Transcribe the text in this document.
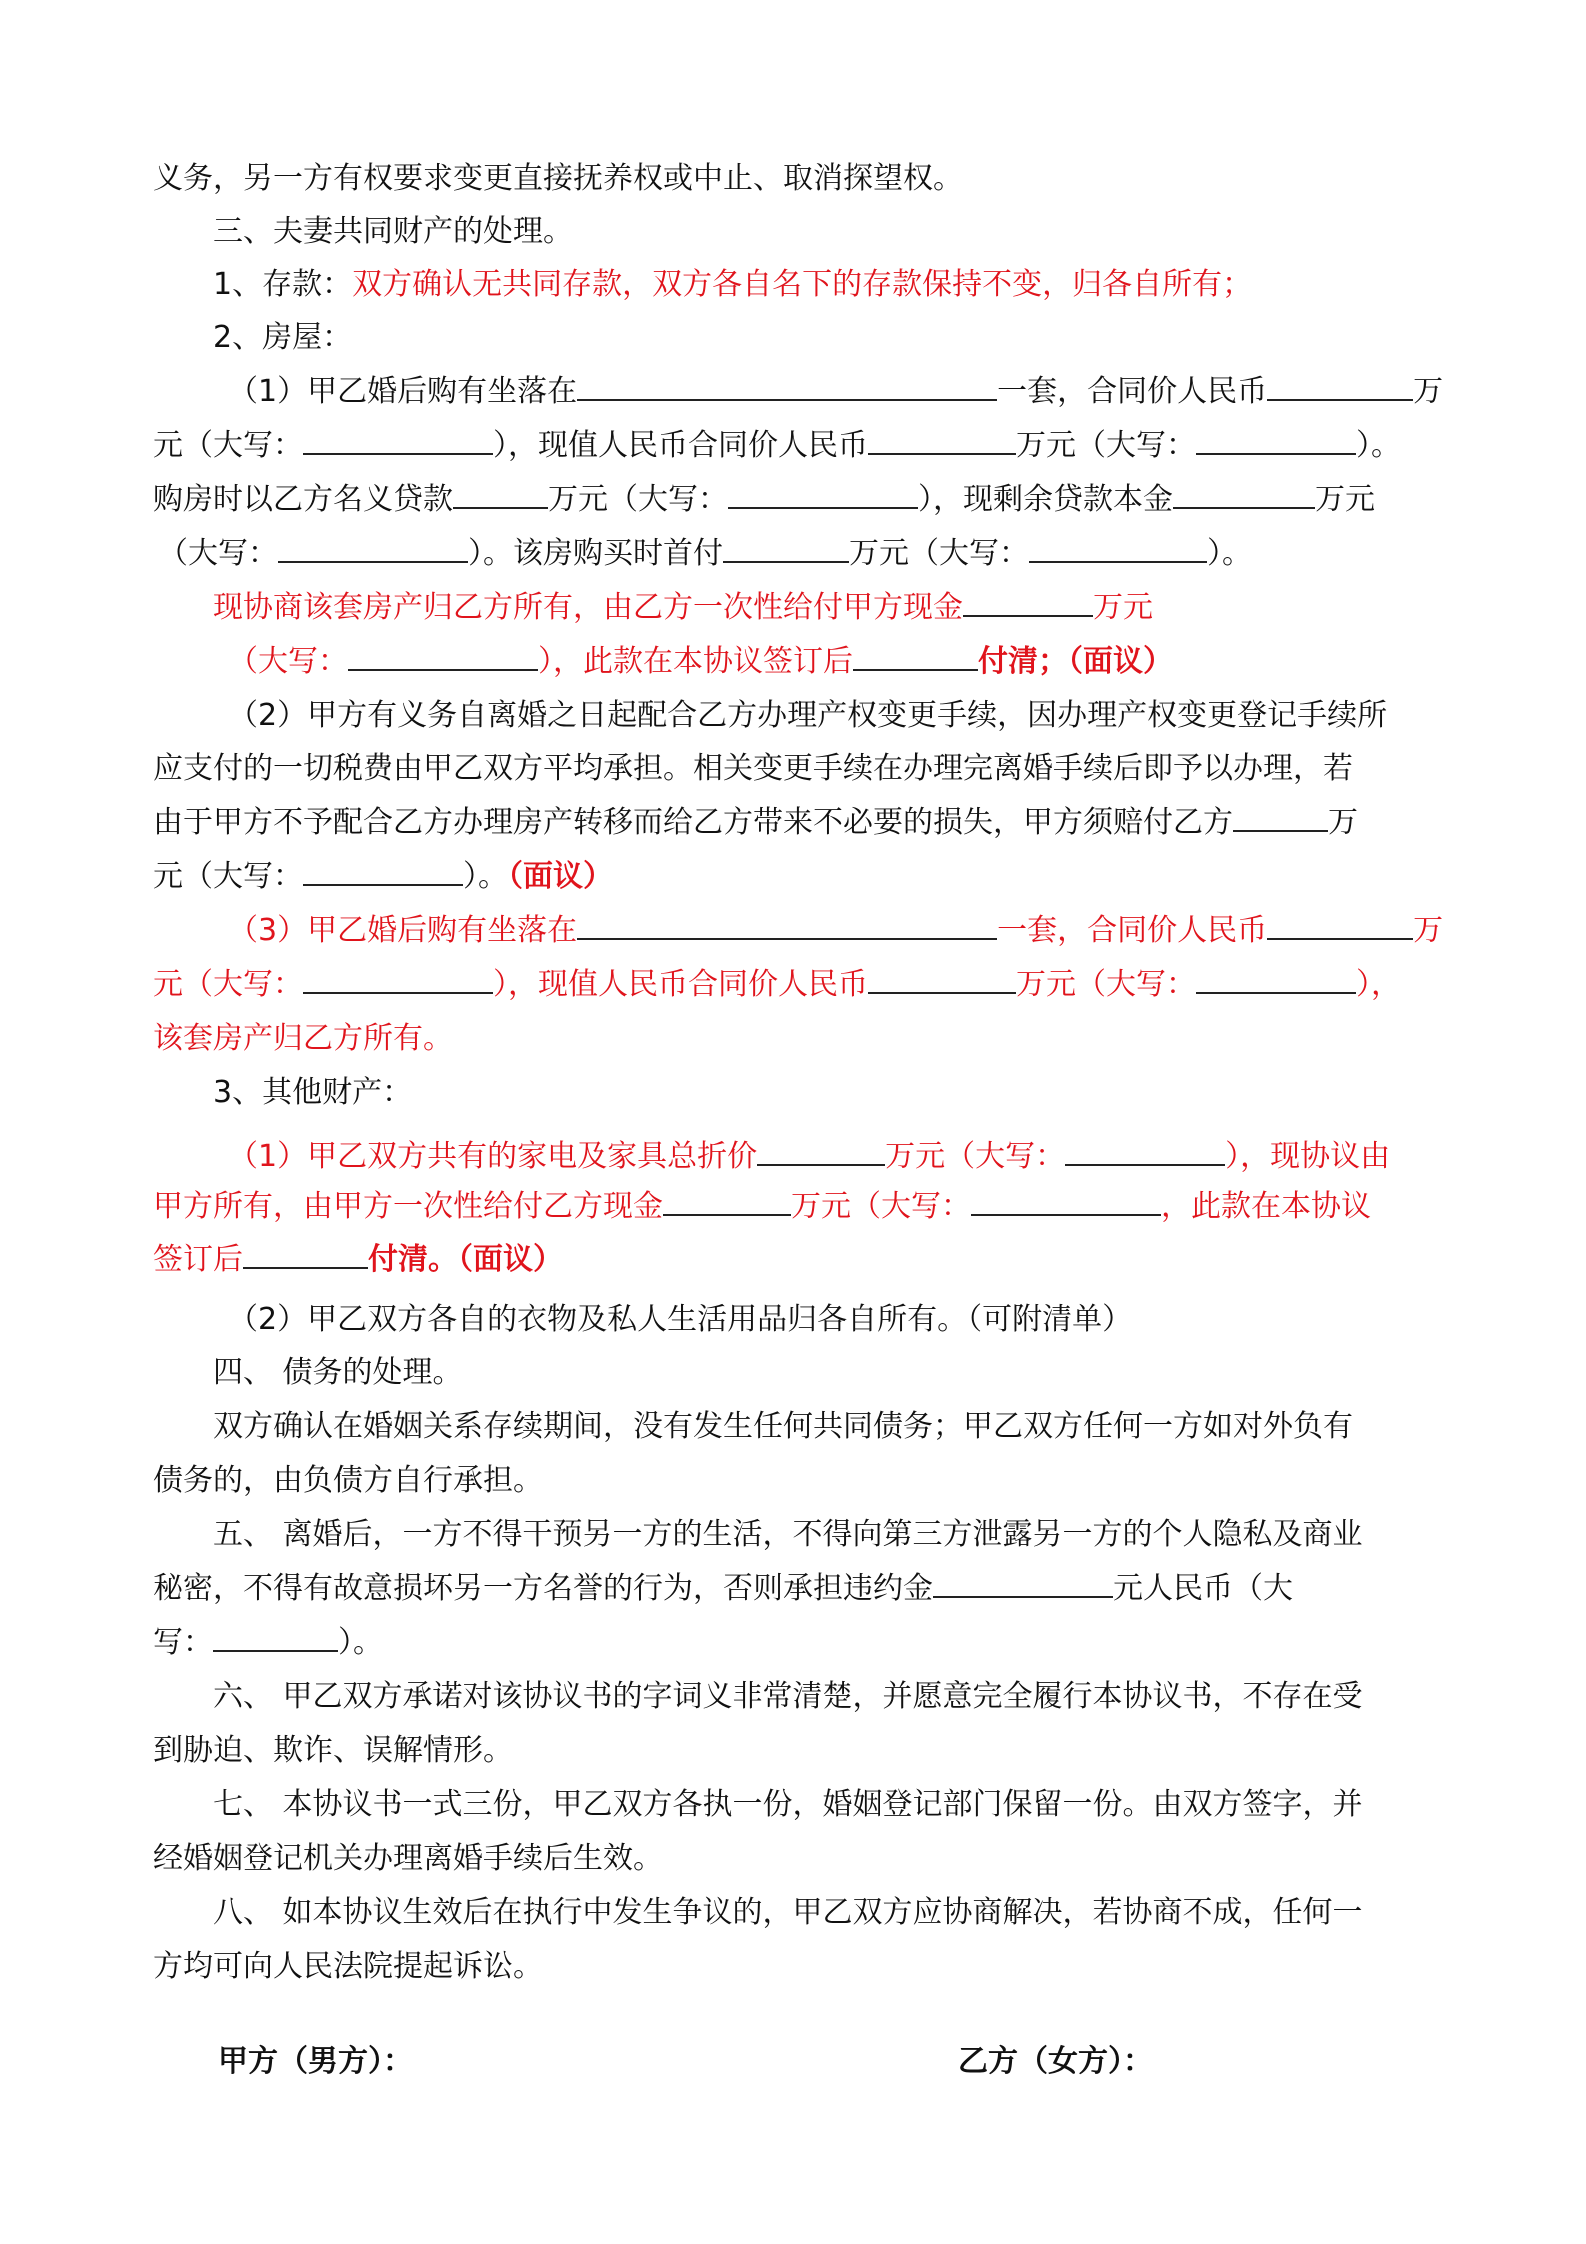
义务，另一方有权要求变更直接抚养权或中止、取消探望权。
三、夫妻共同财产的处理。
1、存款：双方确认无共同存款，双方各自名下的存款保持不变，归各自所有；
2、房屋：
（1）甲乙婚后购有坐落在	一套，合同价人民币	万
元（大写：	），现值人民币合同价人民币	万元（大写：	）。
购房时以乙方名义贷款	万元（大写：	），现剩余贷款本金	万元
（大写：	）。该房购买时首付	万元（大写：	）。
现协商该套房产归乙方所有，由乙方一次性给付甲方现金	万元
（大写：	），此款在本协议签订后	付清；（面议）
（2）甲方有义务自离婚之日起配合乙方办理产权变更手续，因办理产权变更登记手续所
应支付的一切税费由甲乙双方平均承担。相关变更手续在办理完离婚手续后即予以办理，若
由于甲方不予配合乙方办理房产转移而给乙方带来不必要的损失，甲方须赔付乙方	万
元（大写：	）。（面议）
（3）甲乙婚后购有坐落在	一套，合同价人民币	万
元（大写：	），现值人民币合同价人民币	万元（大写：	），
该套房产归乙方所有。
3、其他财产：
（1）甲乙双方共有的家电及家具总折价	万元（大写：	），现协议由
甲方所有，由甲方一次性给付乙方现金	万元（大写：	，此款在本协议
签订后	付清。（面议）
（2）甲乙双方各自的衣物及私人生活用品归各自所有。（可附清单）
四、 债务的处理。
双方确认在婚姻关系存续期间，没有发生任何共同债务；甲乙双方任何一方如对外负有
债务的，由负债方自行承担。
五、 离婚后，一方不得干预另一方的生活，不得向第三方泄露另一方的个人隐私及商业
秘密，不得有故意损坏另一方名誉的行为，否则承担违约金	元人民币（大
写：	）。
六、 甲乙双方承诺对该协议书的字词义非常清楚，并愿意完全履行本协议书，不存在受
到胁迫、欺诈、误解情形。
七、 本协议书一式三份，甲乙双方各执一份，婚姻登记部门保留一份。由双方签字，并
经婚姻登记机关办理离婚手续后生效。
八、 如本协议生效后在执行中发生争议的，甲乙双方应协商解决，若协商不成，任何一
方均可向人民法院提起诉讼。
甲方（男方）：	乙方（女方）：
